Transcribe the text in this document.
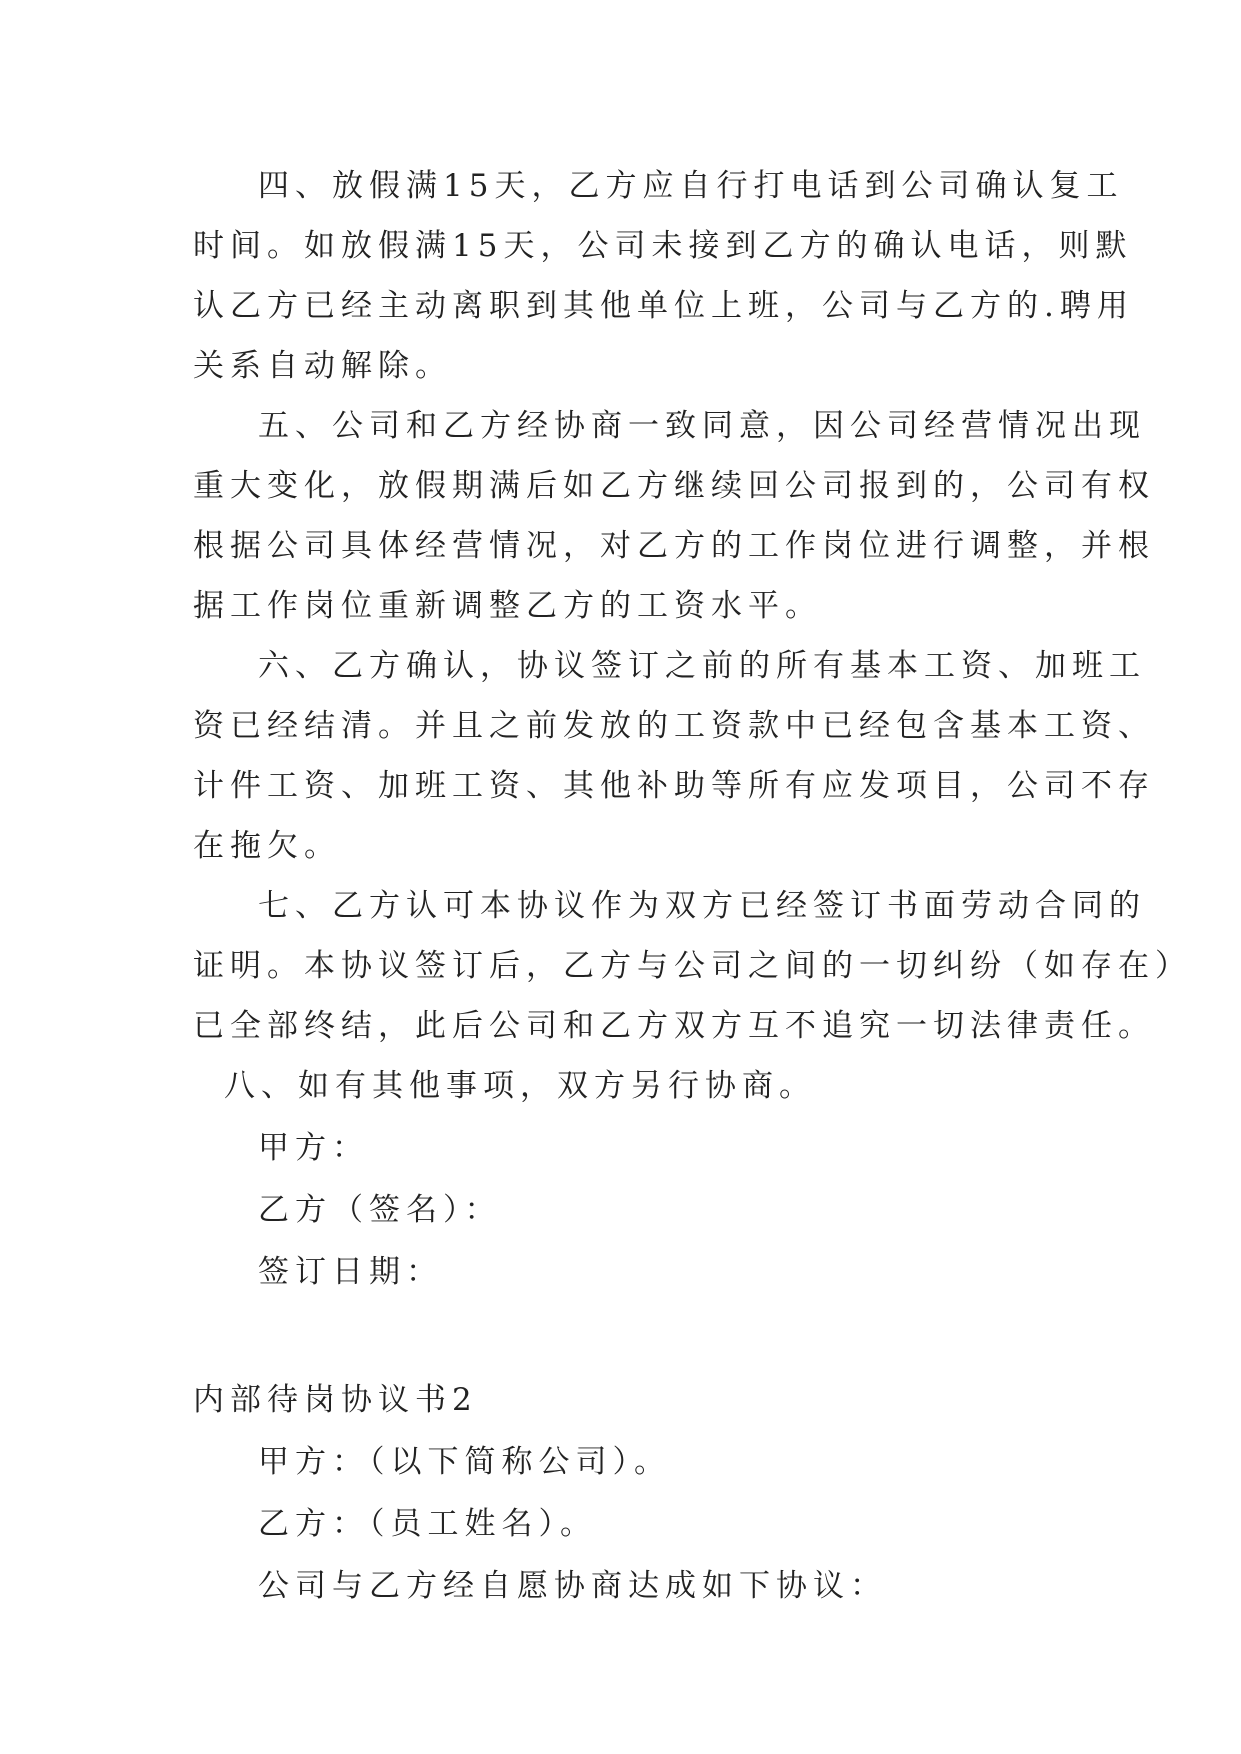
四、放假满15天，乙方应自行打电话到公司确认复工
时间。如放假满15天，公司未接到乙方的确认电话，则默
认乙方已经主动离职到其他单位上班，公司与乙方的.聘用
关系自动解除。
五、公司和乙方经协商一致同意，因公司经营情况出现
重大变化，放假期满后如乙方继续回公司报到的，公司有权
根据公司具体经营情况，对乙方的工作岗位进行调整，并根
据工作岗位重新调整乙方的工资水平。
六、乙方确认，协议签订之前的所有基本工资、加班工
资已经结清。并且之前发放的工资款中已经包含基本工资、
计件工资、加班工资、其他补助等所有应发项目，公司不存
在拖欠。
七、乙方认可本协议作为双方已经签订书面劳动合同的
证明。本协议签订后，乙方与公司之间的一切纠纷（如存在）
已全部终结，此后公司和乙方双方互不追究一切法律责任。
八、如有其他事项，双方另行协商。
甲方：
乙方（签名）：
签订日期：
内部待岗协议书2
甲方：（以下简称公司）。
乙方：（员工姓名）。
公司与乙方经自愿协商达成如下协议：
